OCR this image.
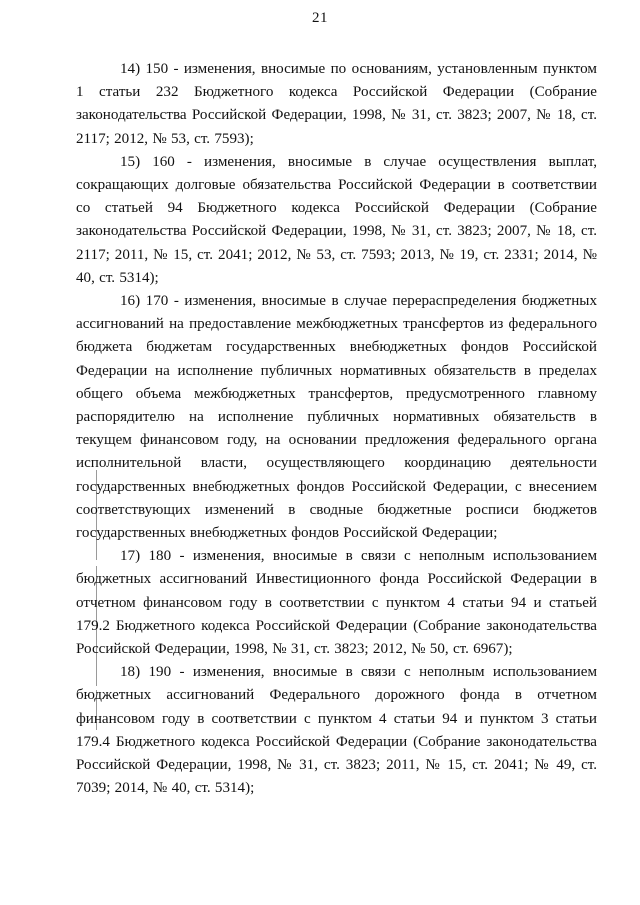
21

14) 150 - изменения, вносимые по основаниям, установленным пунктом 1 статьи 232 Бюджетного кодекса Российской Федерации (Собрание законодательства Российской Федерации, 1998, № 31, ст. 3823; 2007, № 18, ст. 2117; 2012, № 53, ст. 7593);

15) 160 - изменения, вносимые в случае осуществления выплат, сокращающих долговые обязательства Российской Федерации в соответствии со статьей 94 Бюджетного кодекса Российской Федерации (Собрание законодательства Российской Федерации, 1998, № 31, ст. 3823; 2007, № 18, ст. 2117; 2011, № 15, ст. 2041; 2012, № 53, ст. 7593; 2013, № 19, ст. 2331; 2014, № 40, ст. 5314);

16) 170 - изменения, вносимые в случае перераспределения бюджетных ассигнований на предоставление межбюджетных трансфертов из федерального бюджета бюджетам государственных внебюджетных фондов Российской Федерации на исполнение публичных нормативных обязательств в пределах общего объема межбюджетных трансфертов, предусмотренного главному распорядителю на исполнение публичных нормативных обязательств в текущем финансовом году, на основании предложения федерального органа исполнительной власти, осуществляющего координацию деятельности государственных внебюджетных фондов Российской Федерации, с внесением соответствующих изменений в сводные бюджетные росписи бюджетов государственных внебюджетных фондов Российской Федерации;

17) 180 - изменения, вносимые в связи с неполным использованием бюджетных ассигнований Инвестиционного фонда Российской Федерации в отчетном финансовом году в соответствии с пунктом 4 статьи 94 и статьей 179.2 Бюджетного кодекса Российской Федерации (Собрание законодательства Российской Федерации, 1998, № 31, ст. 3823; 2012, № 50, ст. 6967);

18) 190 - изменения, вносимые в связи с неполным использованием бюджетных ассигнований Федерального дорожного фонда в отчетном финансовом году в соответствии с пунктом 4 статьи 94 и пунктом 3 статьи 179.4 Бюджетного кодекса Российской Федерации (Собрание законодательства Российской Федерации, 1998, № 31, ст. 3823; 2011, № 15, ст. 2041; № 49, ст. 7039; 2014, № 40, ст. 5314);
